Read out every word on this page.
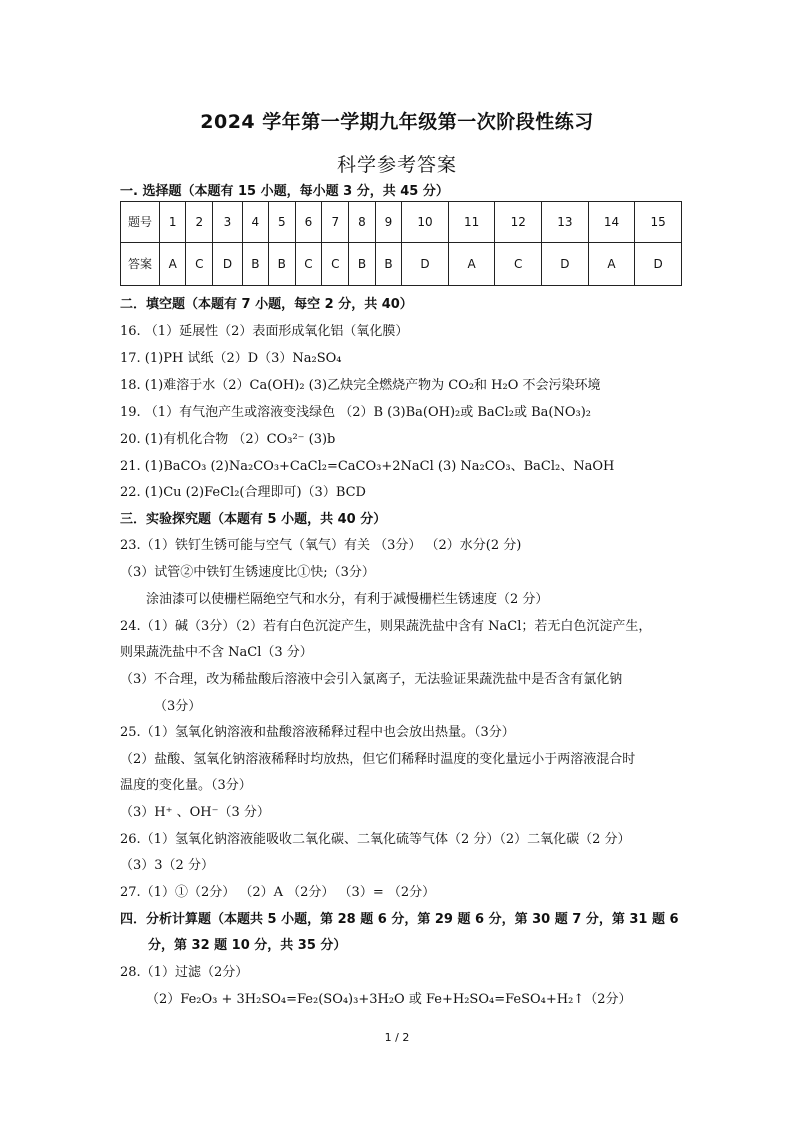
2024 学年第一学期九年级第一次阶段性练习
科学参考答案
一. 选择题（本题有 15 小题，每小题 3 分，共 45 分）
题号	1	2	3	4	5	6	7	8	9	10	11	12	13	14	15
答案	A	C	D	B	B	C	C	B	B	D	A	C	D	A	D
二．填空题（本题有 7 小题，每空 2 分，共 40）
16. （1）延展性（2）表面形成氧化铝（氧化膜）
17. (1)PH 试纸（2）D（3）Na₂SO₄
18. (1)难溶于水（2）Ca(OH)₂ (3)乙炔完全燃烧产物为 CO₂和 H₂O 不会污染环境
19. （1）有气泡产生或溶液变浅绿色 （2）B (3)Ba(OH)₂或 BaCl₂或 Ba(NO₃)₂
20. (1)有机化合物 （2）CO₃²⁻ (3)b
21. (1)BaCO₃ (2)Na₂CO₃+CaCl₂=CaCO₃+2NaCl (3) Na₂CO₃、BaCl₂、NaOH
22. (1)Cu (2)FeCl₂(合理即可)（3）BCD
三．实验探究题（本题有 5 小题，共 40 分）
23.（1）铁钉生锈可能与空气（氧气）有关 （3分） （2）水分(2 分)
（3）试管②中铁钉生锈速度比①快;（3分）
涂油漆可以使栅栏隔绝空气和水分，有利于减慢栅栏生锈速度（2 分）
24.（1）碱（3分）（2）若有白色沉淀产生，则果蔬洗盐中含有 NaCl；若无白色沉淀产生，
则果蔬洗盐中不含 NaCl（3 分）
（3）不合理，改为稀盐酸后溶液中会引入氯离子，无法验证果蔬洗盐中是否含有氯化钠
（3分）
25.（1）氢氧化钠溶液和盐酸溶液稀释过程中也会放出热量。（3分）
（2）盐酸、氢氧化钠溶液稀释时均放热，但它们稀释时温度的变化量远小于两溶液混合时
温度的变化量。（3分）
（3）H⁺ 、OH⁻（3 分）
26.（1）氢氧化钠溶液能吸收二氧化碳、二氧化硫等气体（2 分）（2）二氧化碳（2 分）
（3）3（2 分）
27.（1）①（2分） （2）A （2分） （3）= （2分）
四．分析计算题（本题共 5 小题，第 28 题 6 分，第 29 题 6 分，第 30 题 7 分，第 31 题 6
分，第 32 题 10 分，共 35 分）
28.（1）过滤（2分）
（2）Fe₂O₃ + 3H₂SO₄=Fe₂(SO₄)₃+3H₂O 或 Fe+H₂SO₄=FeSO₄+H₂↑（2分）
1 / 2
